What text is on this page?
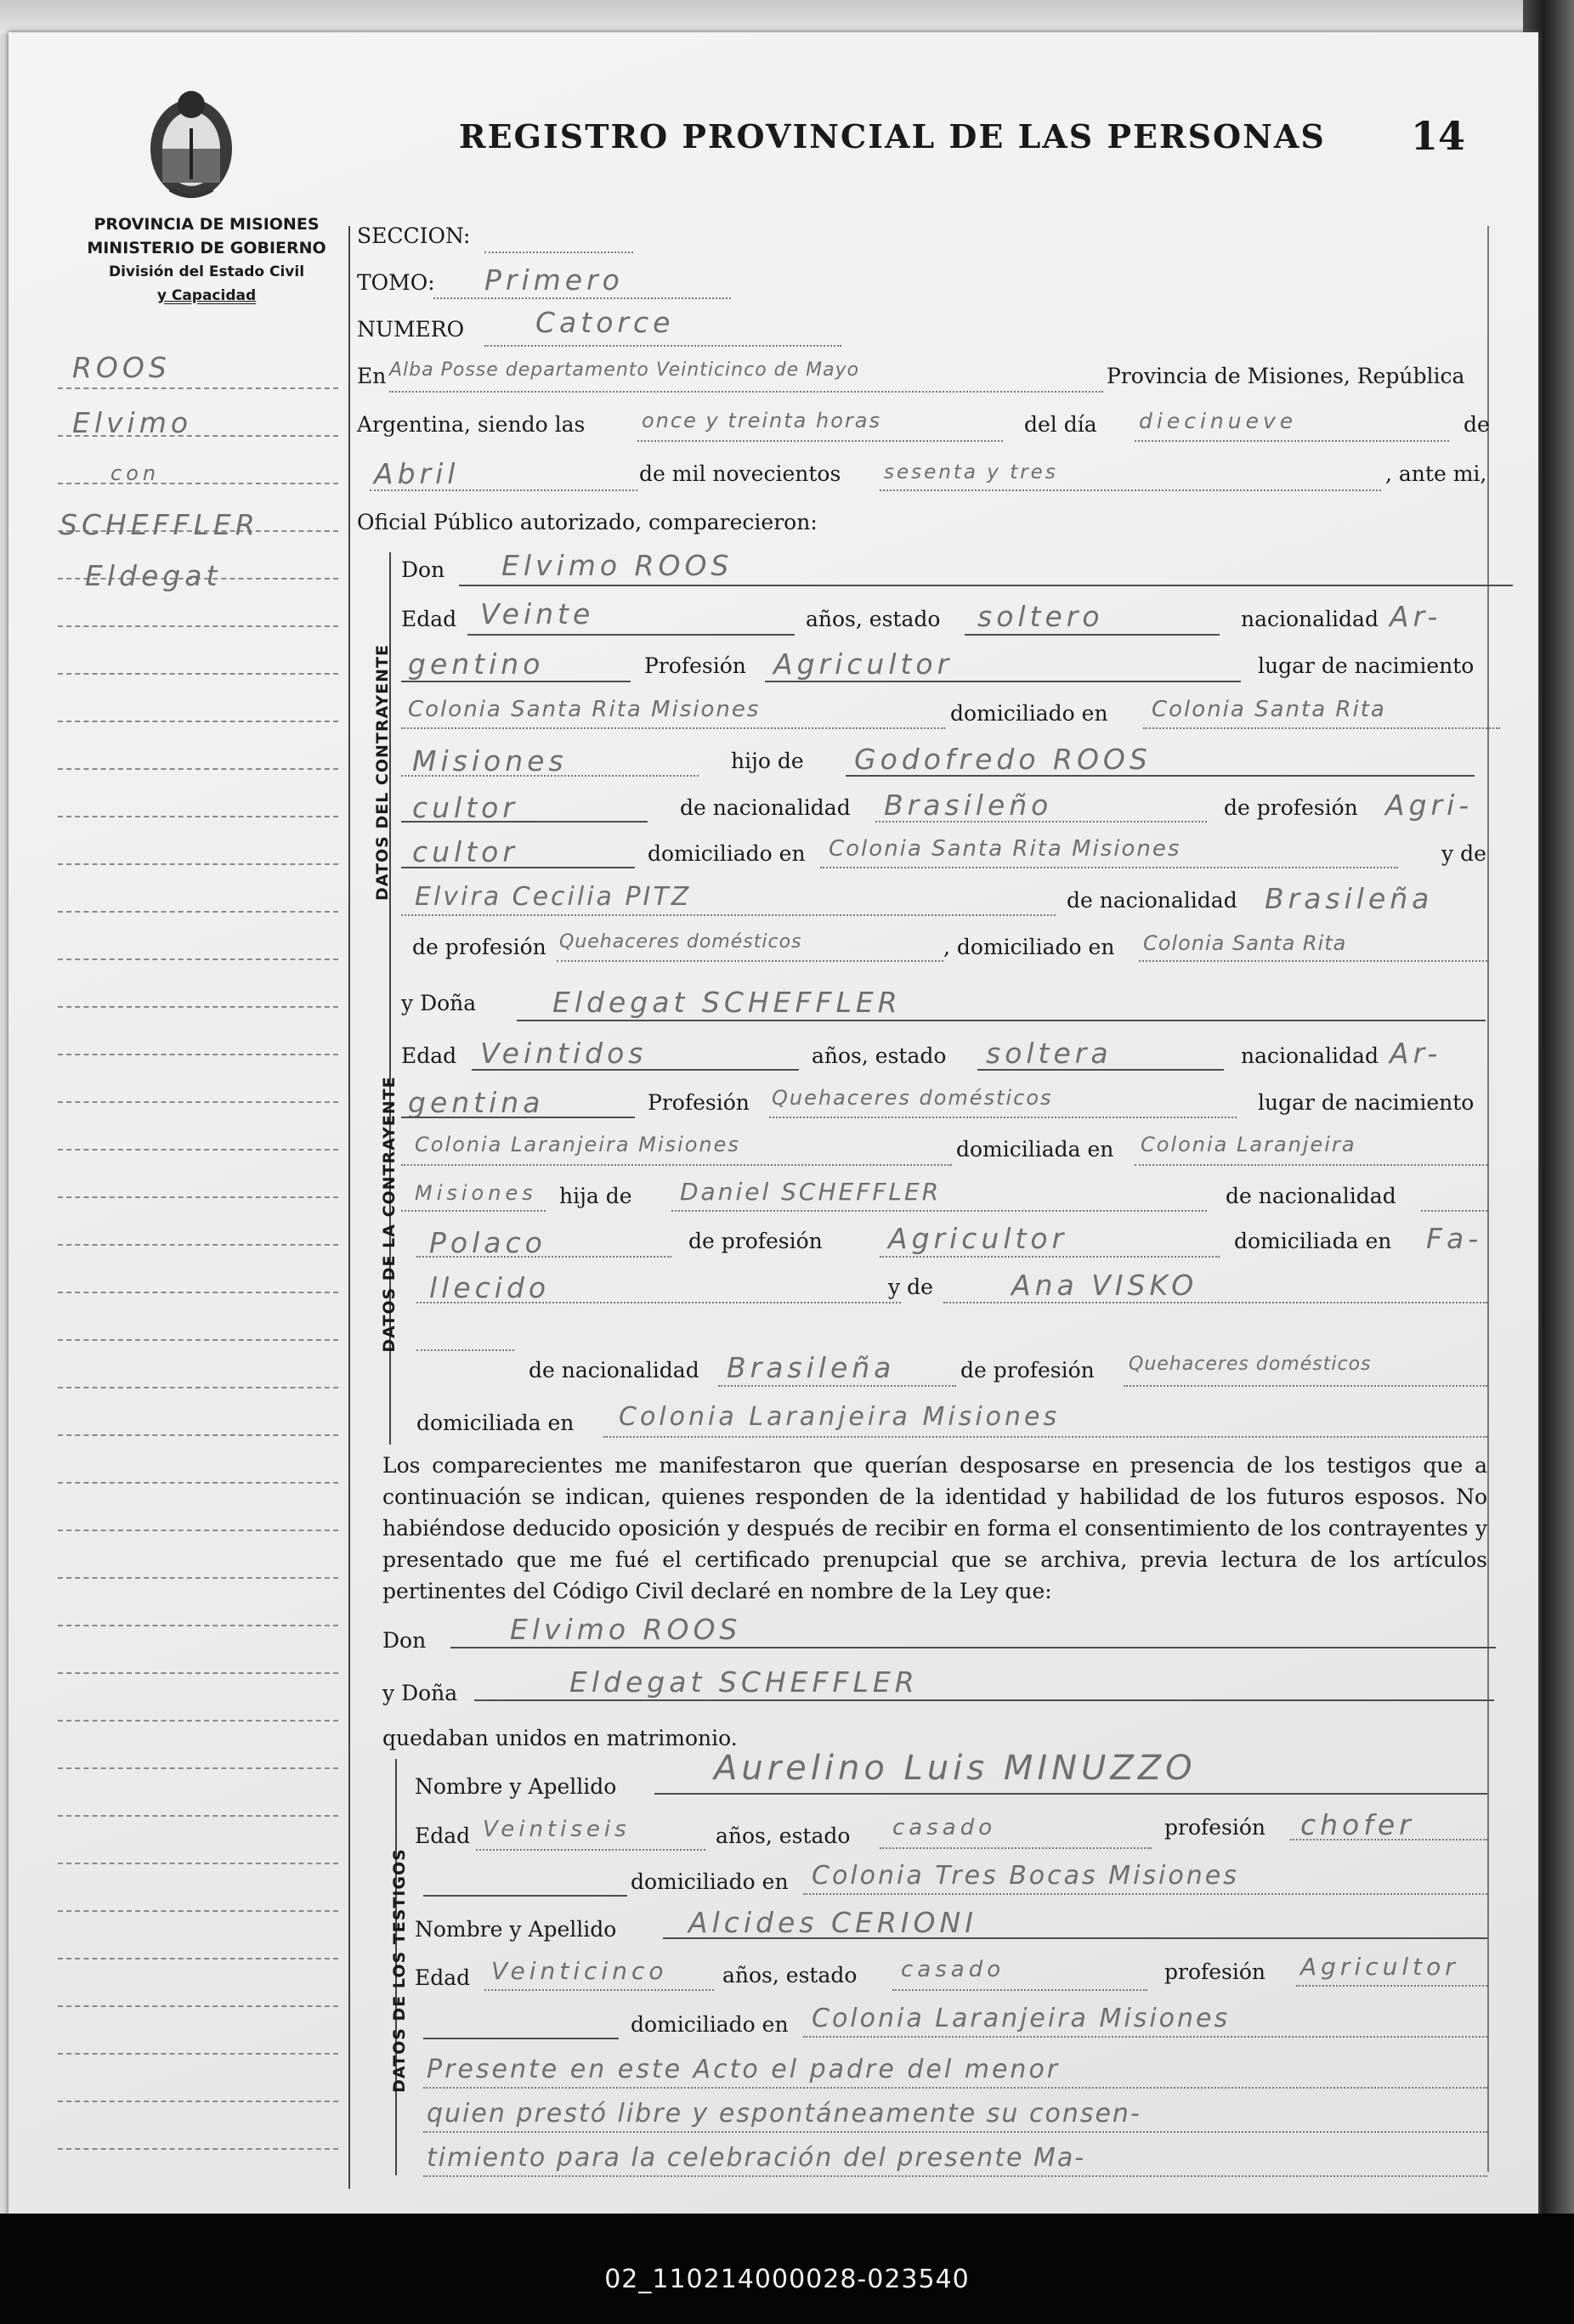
PROVINCIA DE MISIONES
MINISTERIO DE GOBIERNO
División del Estado Civil
y Capacidad
REGISTRO PROVINCIAL DE LAS PERSONAS 14
ROOS
Elvimo
con
SCHEFFLER
Eldegat
SECCION:
TOMO: Primero
NUMERO	Catorce
En Alba Posse departamento Veinticinco de Mayo	Provincia de Misiones, República
Argentina, siendo las	once y treinta horas	del día diecinueve	de
Abril	de mil novecientos sesenta y tres	, ante mi,
Oficial Público autorizado, comparecieron:
DATOS DEL CONTRAYENTE
Don Elvimo ROOS
Edad Veinte	años, estado soltero	nacionalidad Ar-
gentino	Profesión Agricultor	lugar de nacimiento
Colonia Santa Rita Misiones	domiciliado en Colonia Santa Rita
Misiones	hijo de Godofredo ROOS
cultor	de nacionalidad Brasileño	de profesión Agri-
cultor	domiciliado en Colonia Santa Rita Misiones	y de
Elvira Cecilia PITZ	de nacionalidad Brasileña
de profesión Quehaceres domésticos	, domiciliado en Colonia Santa Rita
DATOS DE LA CONTRAYENTE
y Doña	Eldegat SCHEFFLER
Edad Veintidos	años, estado soltera	nacionalidad Ar-
gentina	Profesión Quehaceres domésticos	lugar de nacimiento
Colonia Laranjeira Misiones	domiciliada en Colonia Laranjeira
Misiones hija de Daniel SCHEFFLER	de nacionalidad
Polaco	de profesión Agricultor	domiciliada en Fa-
llecido	y de	Ana VISKO
de nacionalidad Brasileña	de profesión Quehaceres domésticos
domiciliada en Colonia Laranjeira Misiones
Los comparecientes me manifestaron que querían desposarse en presencia de los testigos que a continuación se indican, quienes responden de la identidad y habilidad de los futuros esposos. No habiéndose deducido oposición y después de recibir en forma el consentimiento de los contrayentes y presentado que me fué el certificado prenupcial que se archiva, previa lectura de los artículos pertinentes del Código Civil declaré en nombre de la Ley que:
Don	Elvimo ROOS
y Doña	Eldegat SCHEFFLER
quedaban unidos en matrimonio.
DATOS DE LOS TESTIGOS
Nombre y Apellido	Aurelino Luis MINUZZO
Edad Veintiseis	años, estado casado	profesión chofer
domiciliado en Colonia Tres Bocas Misiones
Nombre y Apellido	Alcides CERIONI
Edad Veinticinco	años, estado casado	profesión Agricultor
domiciliado en Colonia Laranjeira Misiones
Presente en este Acto el padre del menor
quien prestó libre y espontáneamente su consen-
timiento para la celebración del presente Ma-
02_110214000028-023540
